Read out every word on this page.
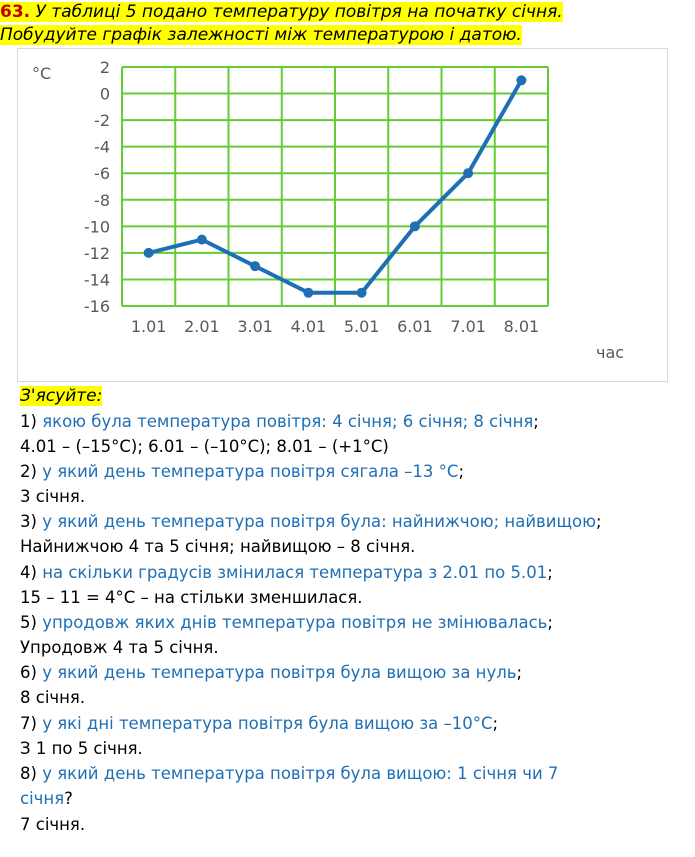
63. У таблиці 5 подано температуру повітря на початку січня.
Побудуйте графік залежності між температурою і датою.
2
0
-2
-4
-6
-8
-10
-12
-14
-16
1.01 2.01 3.01 4.01 5.01 6.01 7.01 8.01
°C
час
З'ясуйте:
1) якою була температура повітря: 4 січня; 6 січня; 8 січня;
4.01 – (–15°C); 6.01 – (–10°C); 8.01 – (+1°C)
2) у який день температура повітря сягала –13 °C;
3 січня.
3) у який день температура повітря була: найнижчою; найвищою;
Найнижчою 4 та 5 січня; найвищою – 8 січня.
4) на скільки градусів змінилася температура з 2.01 по 5.01;
15 – 11 = 4°C – на стільки зменшилася.
5) упродовж яких днів температура повітря не змінювалась;
Упродовж 4 та 5 січня.
6) у який день температура повітря була вищою за нуль;
8 січня.
7) у які дні температура повітря була вищою за –10°C;
З 1 по 5 січня.
8) у який день температура повітря була вищою: 1 січня чи 7
січня?
7 січня.
